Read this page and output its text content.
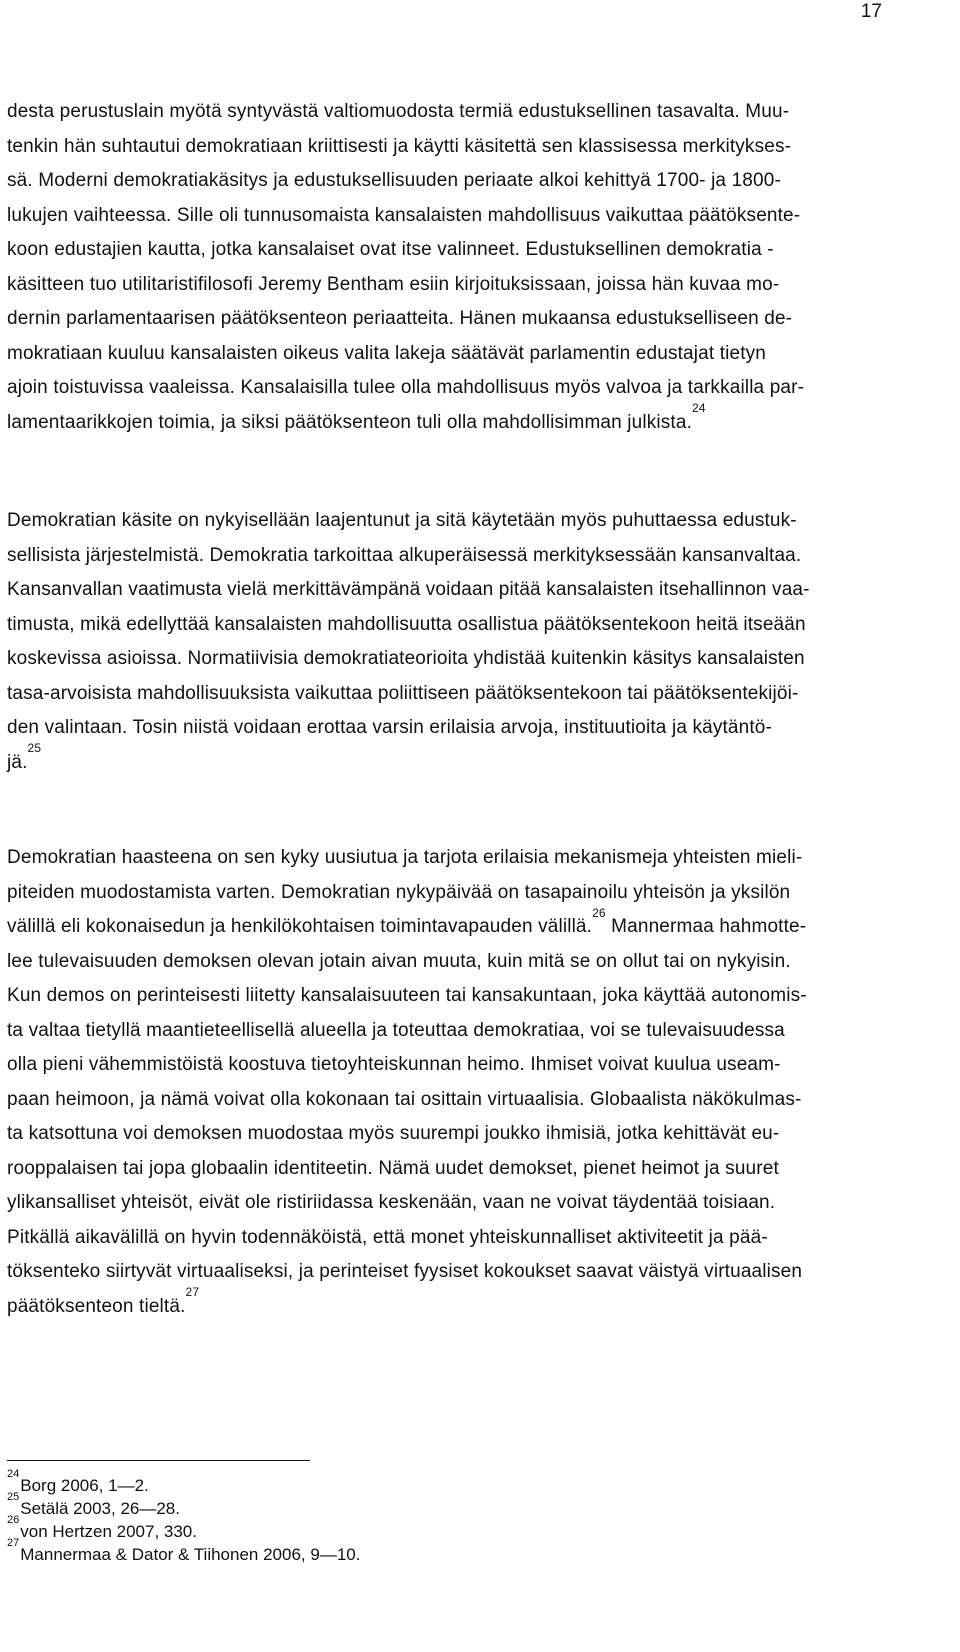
17

desta perustuslain myötä syntyvästä valtiomuodosta termiä edustuksellinen tasavalta. Muu-
tenkin hän suhtautui demokratiaan kriittisesti ja käytti käsitettä sen klassisessa merkitykses-
sä. Moderni demokratiakäsitys ja edustuksellisuuden periaate alkoi kehittyä 1700- ja 1800-
lukujen vaihteessa. Sille oli tunnusomaista kansalaisten mahdollisuus vaikuttaa päätöksente-
koon edustajien kautta, jotka kansalaiset ovat itse valinneet. Edustuksellinen demokratia -
käsitteen tuo utilitaristifilosofi Jeremy Bentham esiin kirjoituksissaan, joissa hän kuvaa mo-
dernin parlamentaarisen päätöksenteon periaatteita. Hänen mukaansa edustukselliseen de-
mokratiaan kuuluu kansalaisten oikeus valita lakeja säätävät parlamentin edustajat tietyn
ajoin toistuvissa vaaleissa. Kansalaisilla tulee olla mahdollisuus myös valvoa ja tarkkailla par-
lamentaarikkojen toimia, ja siksi päätöksenteon tuli olla mahdollisimman julkista.$^{24}$

Demokratian käsite on nykyisellään laajentunut ja sitä käytetään myös puhuttaessa edustuk-
sellisista järjestelmistä. Demokratia tarkoittaa alkuperäisessä merkityksessään kansanvaltaa.
Kansanvallan vaatimusta vielä merkittävämpänä voidaan pitää kansalaisten itsehallinnon vaa-
timusta, mikä edellyttää kansalaisten mahdollisuutta osallistua päätöksentekoon heitä itseään
koskevissa asioissa. Normatiivisia demokratiateorioita yhdistää kuitenkin käsitys kansalaisten
tasa-arvoisista mahdollisuuksista vaikuttaa poliittiseen päätöksentekoon tai päätöksentekijöi-
den valintaan. Tosin niistä voidaan erottaa varsin erilaisia arvoja, instituutioita ja käytäntö-
jä.$^{25}$

Demokratian haasteena on sen kyky uusiutua ja tarjota erilaisia mekanismeja yhteisten mieli-
piteiden muodostamista varten. Demokratian nykypäivää on tasapainoilu yhteisön ja yksilön
välillä eli kokonaisedun ja henkilökohtaisen toimintavapauden välillä.$^{26}$ Mannermaa hahmotte-
lee tulevaisuuden demoksen olevan jotain aivan muuta, kuin mitä se on ollut tai on nykyisin.
Kun demos on perinteisesti liitetty kansalaisuuteen tai kansakuntaan, joka käyttää autonomis-
ta valtaa tietyllä maantieteellisellä alueella ja toteuttaa demokratiaa, voi se tulevaisuudessa
olla pieni vähemmistöistä koostuva tietoyhteiskunnan heimo. Ihmiset voivat kuulua useam-
paan heimoon, ja nämä voivat olla kokonaan tai osittain virtuaalisia. Globaalista näkökulmas-
ta katsottuna voi demoksen muodostaa myös suurempi joukko ihmisiä, jotka kehittävät eu-
rooppalaisen tai jopa globaalin identiteetin. Nämä uudet demokset, pienet heimot ja suuret
ylikansalliset yhteisöt, eivät ole ristiriidassa keskenään, vaan ne voivat täydentää toisiaan.
Pitkällä aikavälillä on hyvin todennäköistä, että monet yhteiskunnalliset aktiviteetit ja pää-
töksenteko siirtyvät virtuaaliseksi, ja perinteiset fyysiset kokoukset saavat väistyä virtuaalisen
päätöksenteon tieltä.$^{27}$

$^{24}$Borg 2006, 1—2.
$^{25}$Setälä 2003, 26—28.
$^{26}$von Hertzen 2007, 330.
$^{27}$Mannermaa & Dator & Tiihonen 2006, 9—10.
